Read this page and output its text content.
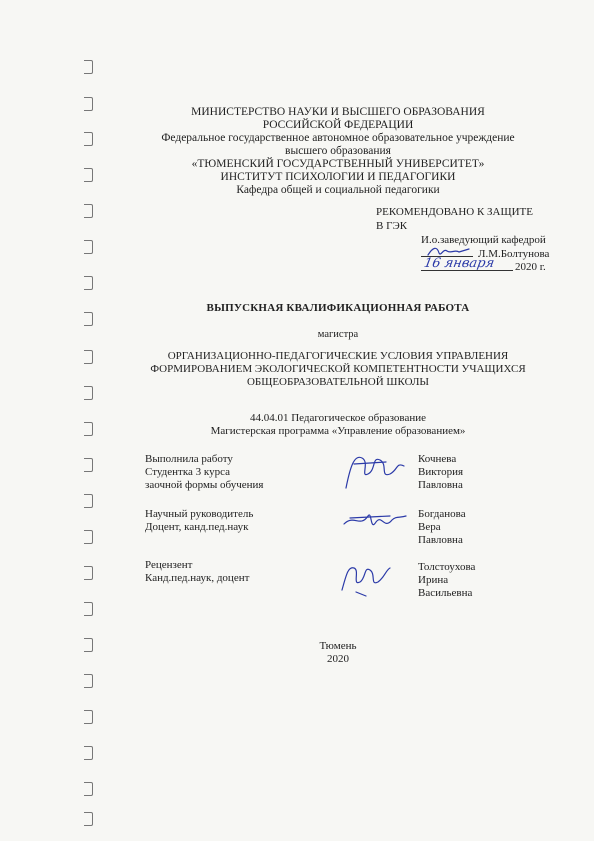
МИНИСТЕРСТВО НАУКИ И ВЫСШЕГО ОБРАЗОВАНИЯ
РОССИЙСКОЙ ФЕДЕРАЦИИ
Федеральное государственное автономное образовательное учреждение
высшего образования
«ТЮМЕНСКИЙ ГОСУДАРСТВЕННЫЙ УНИВЕРСИТЕТ»
ИНСТИТУТ ПСИХОЛОГИИ И ПЕДАГОГИКИ
Кафедра общей и социальной педагогики
РЕКОМЕНДОВАНО К ЗАЩИТЕ
В ГЭК
И.о.заведующий кафедрой
Л.М.Болтунова
16 января 2020 г.
ВЫПУСКНАЯ КВАЛИФИКАЦИОННАЯ РАБОТА
магистра
ОРГАНИЗАЦИОННО-ПЕДАГОГИЧЕСКИЕ УСЛОВИЯ УПРАВЛЕНИЯ
ФОРМИРОВАНИЕМ ЭКОЛОГИЧЕСКОЙ КОМПЕТЕНТНОСТИ УЧАЩИХСЯ
ОБЩЕОБРАЗОВАТЕЛЬНОЙ ШКОЛЫ
44.04.01 Педагогическое образование
Магистерская программа «Управление образованием»
Выполнила работу
Студентка 3 курса
заочной формы обучения
Кочнева
Виктория
Павловна
Научный руководитель
Доцент, канд.пед.наук
Богданова
Вера
Павловна
Рецензент
Канд.пед.наук, доцент
Толстоухова
Ирина
Васильевна
Тюмень
2020
